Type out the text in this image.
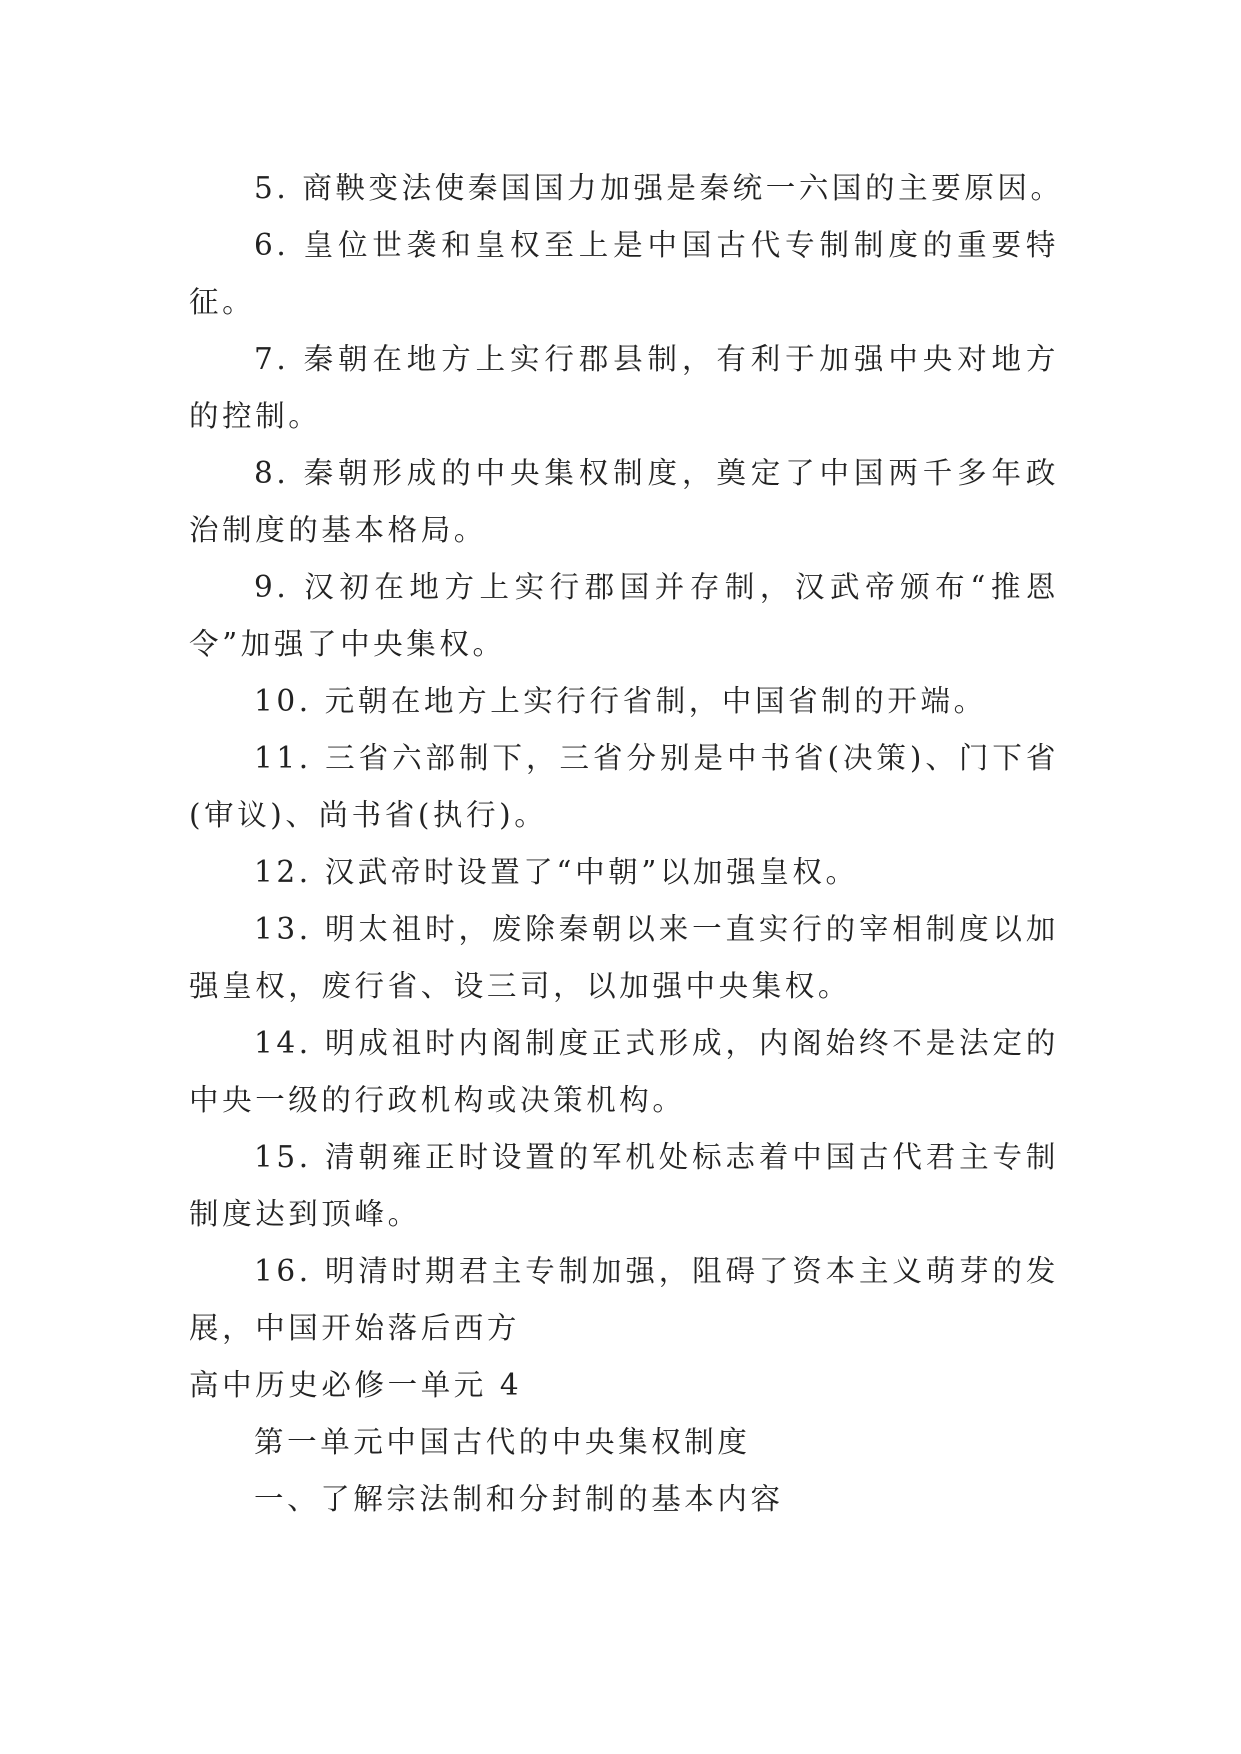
5. 商鞅变法使秦国国力加强是秦统一六国的主要原因。

6. 皇位世袭和皇权至上是中国古代专制制度的重要特征。

7. 秦朝在地方上实行郡县制，有利于加强中央对地方的控制。

8. 秦朝形成的中央集权制度，奠定了中国两千多年政治制度的基本格局。

9. 汉初在地方上实行郡国并存制，汉武帝颁布“推恩令”加强了中央集权。

10. 元朝在地方上实行行省制，中国省制的开端。

11. 三省六部制下，三省分别是中书省(决策)、门下省(审议)、尚书省(执行)。

12. 汉武帝时设置了“中朝”以加强皇权。

13. 明太祖时，废除秦朝以来一直实行的宰相制度以加强皇权，废行省、设三司，以加强中央集权。

14. 明成祖时内阁制度正式形成，内阁始终不是法定的中央一级的行政机构或决策机构。

15. 清朝雍正时设置的军机处标志着中国古代君主专制制度达到顶峰。

16. 明清时期君主专制加强，阻碍了资本主义萌芽的发展，中国开始落后西方

高中历史必修一单元 4

第一单元中国古代的中央集权制度

一、了解宗法制和分封制的基本内容
